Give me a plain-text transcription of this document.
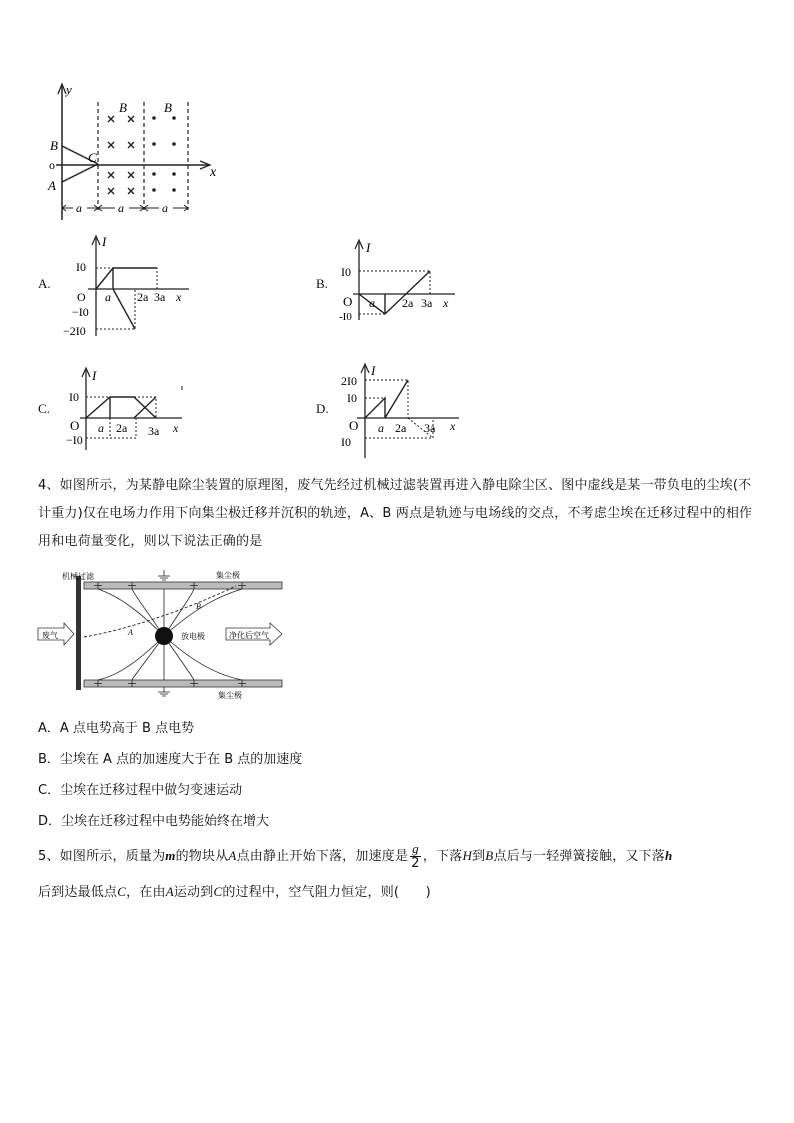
y
x
B
o
A
C
B	B
a	a	a
A.
I
I0
O a 2a 3a x
−I0
−2I0
B.
I
I0
O a 2a 3a x
-I0
C.
I
I0
O a 2a 3a x
−I0
D.
I
2I0
I0
O a 2a 3a x
I0
4、如图所示，为某静电除尘装置的原理图，废气先经过机械过滤装置再进入静电除尘区、图中虚线是某一带负电的尘埃(不计重力)仅在电场力作用下向集尘极迁移并沉积的轨迹，A、B 两点是轨迹与电场线的交点，不考虑尘埃在迁移过程中的相作用和电荷量变化，则以下说法正确的是
机械过滤	集尘极
集尘极
A
B
放电极
废气	净化后空气
A．A 点电势高于 B 点电势
B．尘埃在 A 点的加速度大于在 B 点的加速度
C．尘埃在迁移过程中做匀变速运动
D．尘埃在迁移过程中电势能始终在增大
5、如图所示，质量为m的物块从A点由静止开始下落，加速度是 $\frac{g}{2}$ ，下落H到B点后与一轻弹簧接触，又下落h
后到达最低点C，在由A运动到C的过程中，空气阻力恒定，则(　　)
